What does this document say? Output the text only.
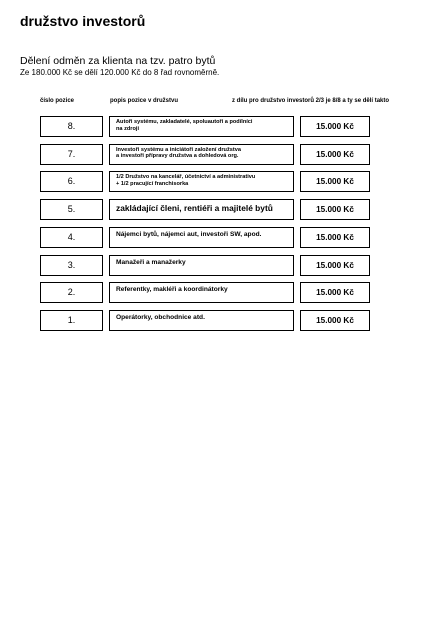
družstvo investorů
Dělení odměn za klienta na tzv. patro bytů
Ze 180.000 Kč se dělí 120.000 Kč do 8 řad rovnoměrně.
číslo pozice	popis pozice v družstvu	z dílu pro družstvo investorů 2/3 je 8/8 a ty se dělí takto
8.	Autoři systému, zakladatelé, spoluautoři a podílníci
na zdroji	15.000 Kč
7.	Investoři systému a iniciátoři založení družstva
a investoři přípravy družstva a dohledová org.	15.000 Kč
6.	1/2 Družstvo na kancelář, účetnictví a administrativu
+ 1/2 pracující franchisorka	15.000 Kč
5.	zakládající členi, rentiéři a majitelé bytů	15.000 Kč
4.	Nájemci bytů, nájemci aut, investoři SW, apod.	15.000 Kč
3.	Manažeři a manažerky	15.000 Kč
2.	Referentky, makléři a koordinátorky	15.000 Kč
1.	Operátorky, obchodnice atd.	15.000 Kč
